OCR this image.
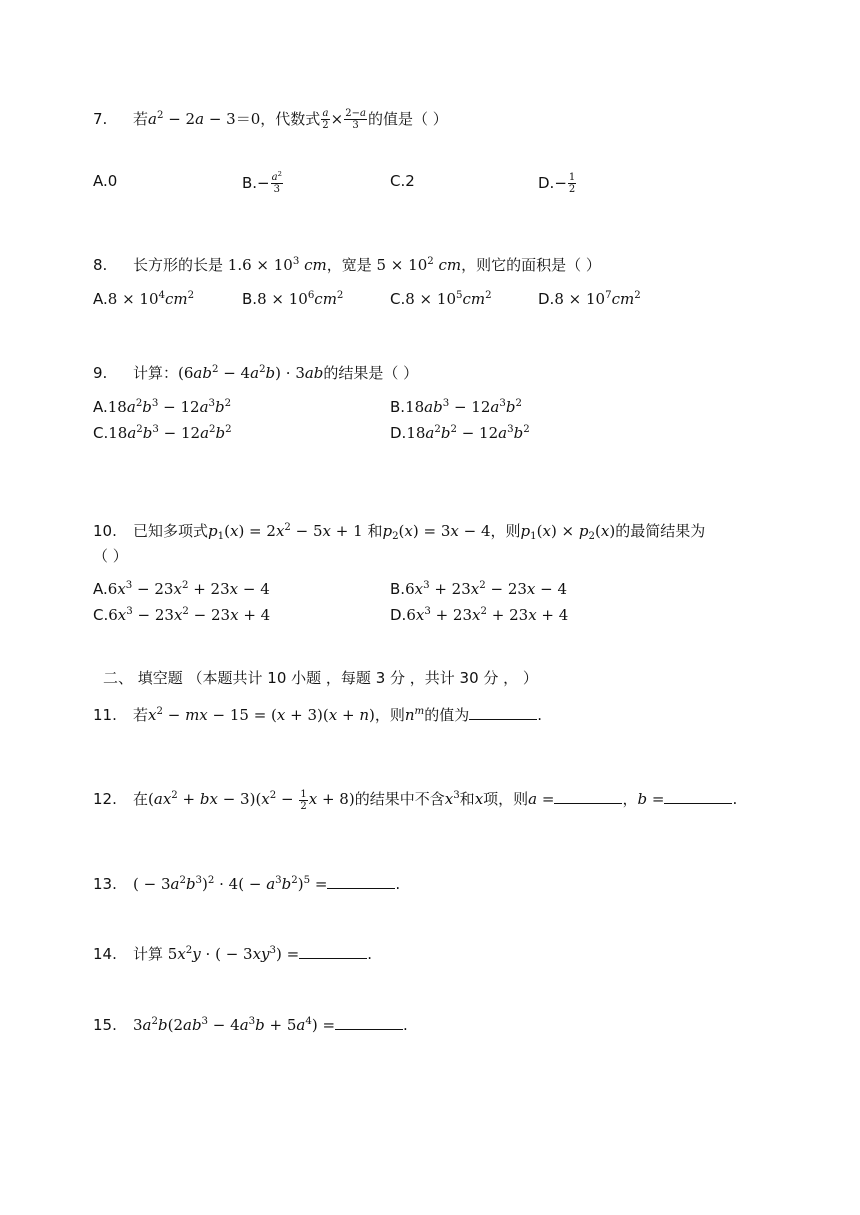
7. 若$a^2 - 2a - 3=0$，代数式 $\frac{a}{2} \times \frac{2-a}{3}$ 的值是（ ）
A.0	$B.- \frac{a^2}{3}$	C.2	$D.- \frac{1}{2}$
8. 长方形的长是 $1.6 \times 10^3$ cm，宽是 $5 \times 10^2$ cm，则它的面积是（ ）
$A.8 \times 10^4cm^2$	$B.8 \times 10^6cm^2$	$C.8 \times 10^5cm^2$	$D.8 \times 10^7cm^2$
9. 计算：$(6ab^2 - 4a^2b) \cdot 3ab$的结果是（ ）
$A.18a^2b^3 - 12a^3b^2$	$B.18ab^3 - 12a^3b^2$
$C.18a^2b^3 - 12a^2b^2$	$D.18a^2b^2 - 12a^3b^2$
10. 已知多项式$p_1(x) = 2x^2 - 5x + 1$ 和$p_2(x) = 3x - 4$，则$p_1(x) \times p_2(x)$的最简结果为
（ ）
$A.6x^3 - 23x^2 + 23x - 4$	$B.6x^3 + 23x^2 - 23x - 4$
$C.6x^3 - 23x^2 - 23x + 4$	$D.6x^3 + 23x^2 + 23x + 4$
二、 填空题 （本题共计 10 小题 ，每题 3 分 ，共计 30 分 ， ）
11. 若$x^2$ − mx − 15 = (x + 3)(x + n)，则$n^m$的值为	.
12. 在($ax^2$ + bx − $3)(x^2 - \frac{1}{2}$ x + 8)的结果中不含$x^3$和x项，则a =	，b =	.
13. ( − $3a^2b^3)^2 \cdot 4( - a^3b^2)^5$ =	.
14. 计算 $5x^2y$ · ( − $3xy^3$) =	.
15. $3a^2b(2ab^3 - 4a^3b + 5a^4)$ =	.
